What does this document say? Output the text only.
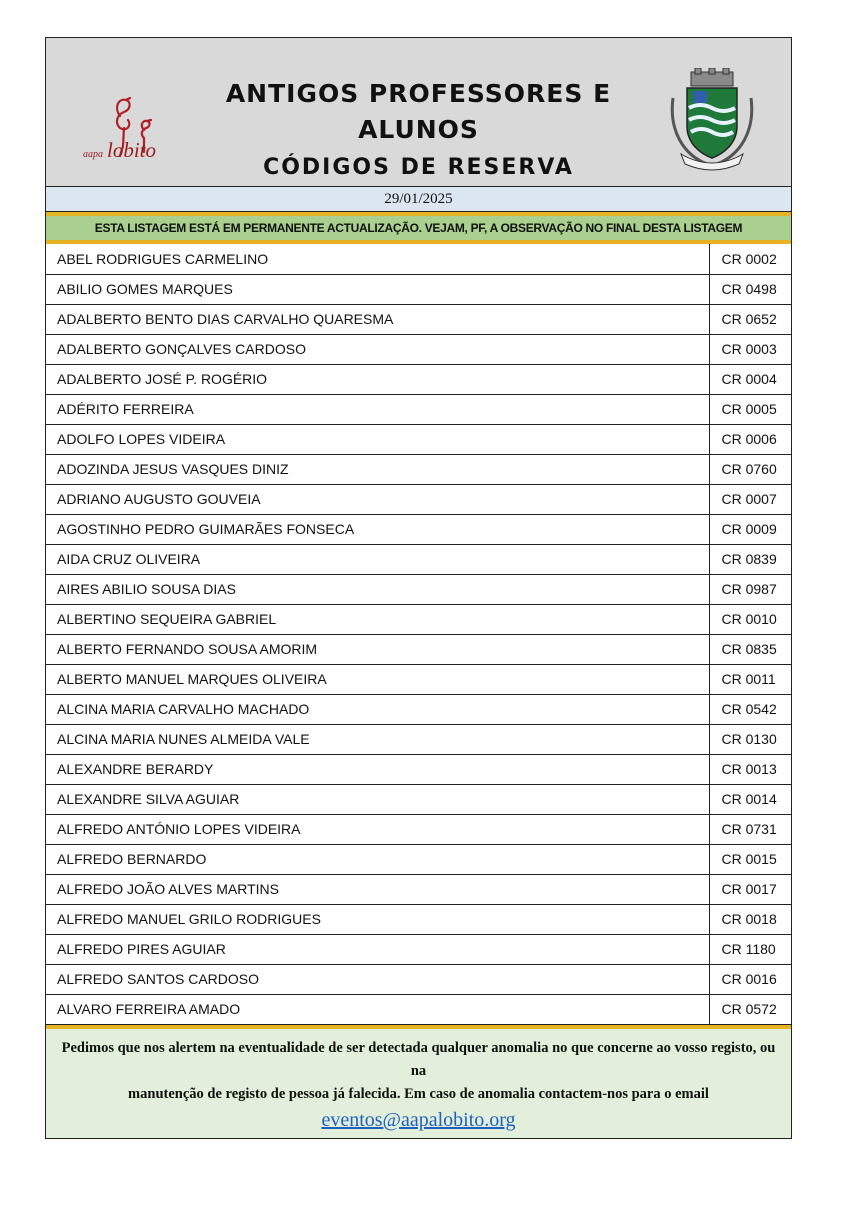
aapa lobito
ANTIGOS PROFESSORES E ALUNOS
CÓDIGOS DE RESERVA
29/01/2025
ESTA LISTAGEM ESTÁ EM PERMANENTE ACTUALIZAÇÃO. VEJAM, PF, A OBSERVAÇÃO NO FINAL DESTA LISTAGEM
ABEL RODRIGUES CARMELINO	CR 0002
ABILIO GOMES MARQUES	CR 0498
ADALBERTO BENTO DIAS CARVALHO QUARESMA	CR 0652
ADALBERTO GONÇALVES CARDOSO	CR 0003
ADALBERTO JOSÉ P. ROGÉRIO	CR 0004
ADÉRITO FERREIRA	CR 0005
ADOLFO LOPES VIDEIRA	CR 0006
ADOZINDA JESUS VASQUES DINIZ	CR 0760
ADRIANO AUGUSTO GOUVEIA	CR 0007
AGOSTINHO PEDRO GUIMARÃES FONSECA	CR 0009
AIDA CRUZ OLIVEIRA	CR 0839
AIRES ABILIO SOUSA DIAS	CR 0987
ALBERTINO SEQUEIRA GABRIEL	CR 0010
ALBERTO FERNANDO SOUSA AMORIM	CR 0835
ALBERTO MANUEL MARQUES OLIVEIRA	CR 0011
ALCINA MARIA CARVALHO MACHADO	CR 0542
ALCINA MARIA NUNES ALMEIDA VALE	CR 0130
ALEXANDRE BERARDY	CR 0013
ALEXANDRE SILVA AGUIAR	CR 0014
ALFREDO ANTÓNIO LOPES VIDEIRA	CR 0731
ALFREDO BERNARDO	CR 0015
ALFREDO JOÃO ALVES MARTINS	CR 0017
ALFREDO MANUEL GRILO RODRIGUES	CR 0018
ALFREDO PIRES AGUIAR	CR 1180
ALFREDO SANTOS CARDOSO	CR 0016
ALVARO FERREIRA AMADO	CR 0572

Pedimos que nos alertem na eventualidade de ser detectada qualquer anomalia no que concerne ao vosso registo, ou na

manutenção de registo de pessoa já falecida. Em caso de anomalia contactem-nos para o email

eventos@aapalobito.org
